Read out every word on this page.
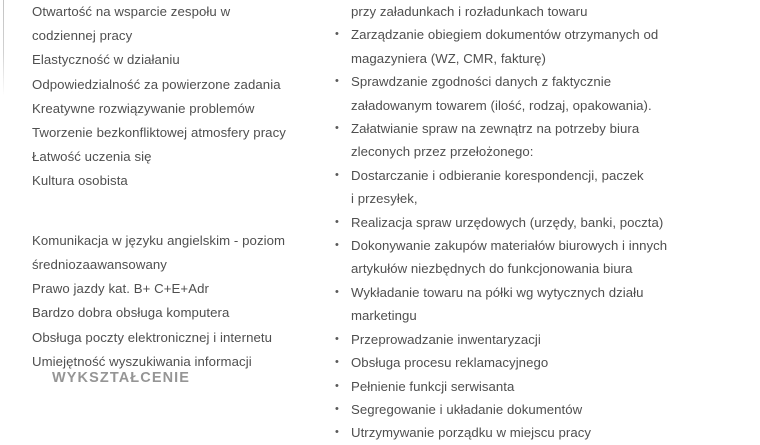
Otwartość na wsparcie zespołu w
codziennej pracy
Elastyczność w działaniu
Odpowiedzialność za powierzone zadania
Kreatywne rozwiązywanie problemów
Tworzenie bezkonfliktowej atmosfery pracy
Łatwość uczenia się
Kultura osobista
Komunikacja w języku angielskim - poziom
średniozaawansowany
Prawo jazdy kat. B+ C+E+Adr
Bardzo dobra obsługa komputera
Obsługa poczty elektronicznej i internetu
Umiejętność wyszukiwania informacji
WYKSZTAŁCENIE
przy załadunkach i rozładunkach towaru
• Zarządzanie obiegiem dokumentów otrzymanych od
magazyniera (WZ, CMR, fakturę)
• Sprawdzanie zgodności danych z faktycznie
załadowanym towarem (ilość, rodzaj, opakowania).
• Załatwianie spraw na zewnątrz na potrzeby biura
zleconych przez przełożonego:
• Dostarczanie i odbieranie korespondencji, paczek
i przesyłek,
• Realizacja spraw urzędowych (urzędy, banki, poczta)
• Dokonywanie zakupów materiałów biurowych i innych
artykułów niezbędnych do funkcjonowania biura
• Wykładanie towaru na półki wg wytycznych działu
marketingu
• Przeprowadzanie inwentaryzacji
• Obsługa procesu reklamacyjnego
• Pełnienie funkcji serwisanta
• Segregowanie i układanie dokumentów
• Utrzymywanie porządku w miejscu pracy
